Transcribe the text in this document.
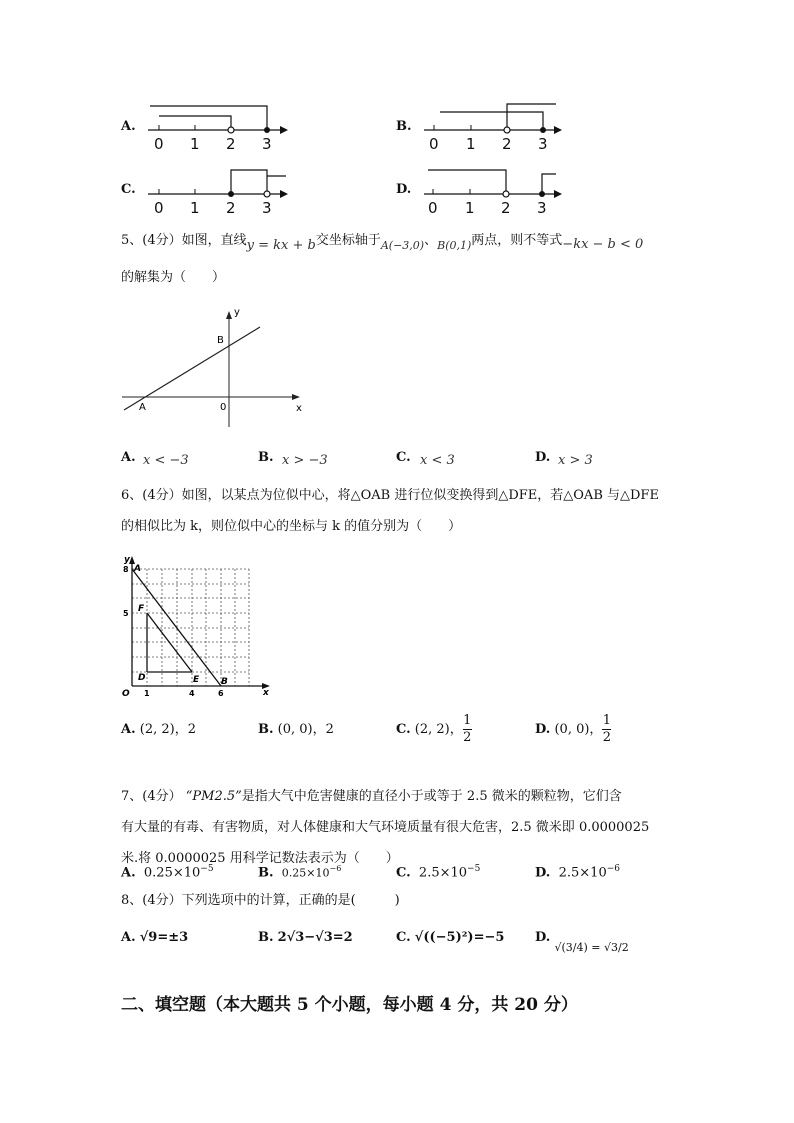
A.
0 1 2 3
B.
0 1 2 3
C.
0 1 2 3
D.
0 1 2 3
5、(4分）如图，直线y = kx + b交坐标轴于$_{A(-3,0)}$、$_{B(0,1)}$两点，则不等式−kx − b < 0
的解集为（　　）
A
B
0
y
x
A. x < −3	B. x > −3	C. x < 3	D. x > 3
6、(4分）如图，以某点为位似中心，将△OAB 进行位似变换得到△DFE，若△OAB 与△DFE
的相似比为 k，则位似中心的坐标与 k 的值分别为（　　）
y
A
F
D	E B
O	x
8
5
1	4	6
A. (2, 2)，2	B. (0, 0)，2	C. (2, 2)， $\frac{1}{2}$	D. (0, 0)， $\frac{1}{2}$
7、(4分） “PM2.5”是指大气中危害健康的直径小于或等于 2.5 微米的颗粒物，它们含
有大量的有毒、有害物质，对人体健康和大气环境质量有很大危害，2.5 微米即 0.0000025
米.将 0.0000025 用科学记数法表示为（　　）
A. $0.25\times 10^{-5}$	B. $0.25\times 10^{-6}$	C. $2.5\times 10^{-5}$	D. $2.5\times 10^{-6}$
8、(4分）下列选项中的计算，正确的是(　　　)
A. √9=±3	B. 2√3−√3=2	C. √((−5)²)=−5 D. $_{√(3/4) = √3/2}$
二、填空题（本大题共 5 个小题，每小题 4 分，共 20 分）
